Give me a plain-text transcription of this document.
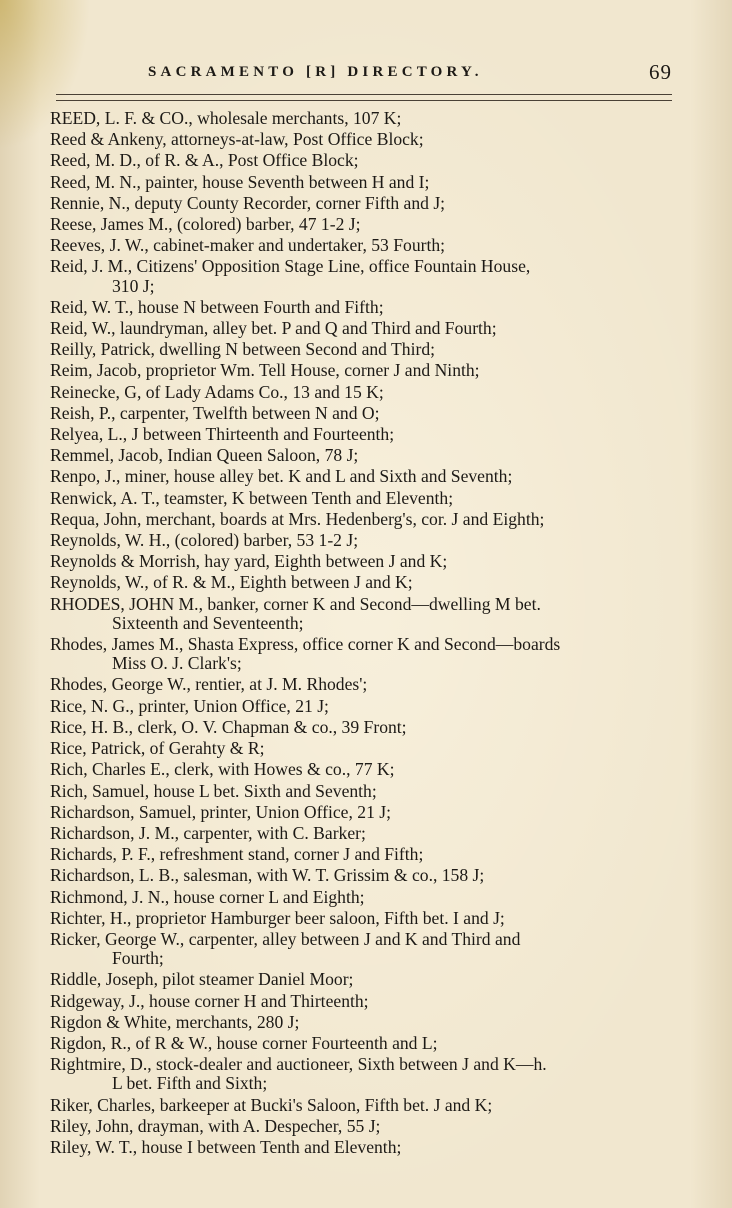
SACRAMENTO [R] DIRECTORY.	69
REED, L. F. & CO., wholesale merchants, 107 K;
Reed & Ankeny, attorneys-at-law, Post Office Block;
Reed, M. D., of R. & A., Post Office Block;
Reed, M. N., painter, house Seventh between H and I;
Rennie, N., deputy County Recorder, corner Fifth and J;
Reese, James M., (colored) barber, 47 1-2 J;
Reeves, J. W., cabinet-maker and undertaker, 53 Fourth;
Reid, J. M., Citizens' Opposition Stage Line, office Fountain House,
310 J;
Reid, W. T., house N between Fourth and Fifth;
Reid, W., laundryman, alley bet. P and Q and Third and Fourth;
Reilly, Patrick, dwelling N between Second and Third;
Reim, Jacob, proprietor Wm. Tell House, corner J and Ninth;
Reinecke, G, of Lady Adams Co., 13 and 15 K;
Reish, P., carpenter, Twelfth between N and O;
Relyea, L., J between Thirteenth and Fourteenth;
Remmel, Jacob, Indian Queen Saloon, 78 J;
Renpo, J., miner, house alley bet. K and L and Sixth and Seventh;
Renwick, A. T., teamster, K between Tenth and Eleventh;
Requa, John, merchant, boards at Mrs. Hedenberg's, cor. J and Eighth;
Reynolds, W. H., (colored) barber, 53 1-2 J;
Reynolds & Morrish, hay yard, Eighth between J and K;
Reynolds, W., of R. & M., Eighth between J and K;
RHODES, JOHN M., banker, corner K and Second—dwelling M bet.
Sixteenth and Seventeenth;
Rhodes, James M., Shasta Express, office corner K and Second—boards
Miss O. J. Clark's;
Rhodes, George W., rentier, at J. M. Rhodes';
Rice, N. G., printer, Union Office, 21 J;
Rice, H. B., clerk, O. V. Chapman & co., 39 Front;
Rice, Patrick, of Gerahty & R;
Rich, Charles E., clerk, with Howes & co., 77 K;
Rich, Samuel, house L bet. Sixth and Seventh;
Richardson, Samuel, printer, Union Office, 21 J;
Richardson, J. M., carpenter, with C. Barker;
Richards, P. F., refreshment stand, corner J and Fifth;
Richardson, L. B., salesman, with W. T. Grissim & co., 158 J;
Richmond, J. N., house corner L and Eighth;
Richter, H., proprietor Hamburger beer saloon, Fifth bet. I and J;
Ricker, George W., carpenter, alley between J and K and Third and
Fourth;
Riddle, Joseph, pilot steamer Daniel Moor;
Ridgeway, J., house corner H and Thirteenth;
Rigdon & White, merchants, 280 J;
Rigdon, R., of R & W., house corner Fourteenth and L;
Rightmire, D., stock-dealer and auctioneer, Sixth between J and K—h.
L bet. Fifth and Sixth;
Riker, Charles, barkeeper at Bucki's Saloon, Fifth bet. J and K;
Riley, John, drayman, with A. Despecher, 55 J;
Riley, W. T., house I between Tenth and Eleventh;
